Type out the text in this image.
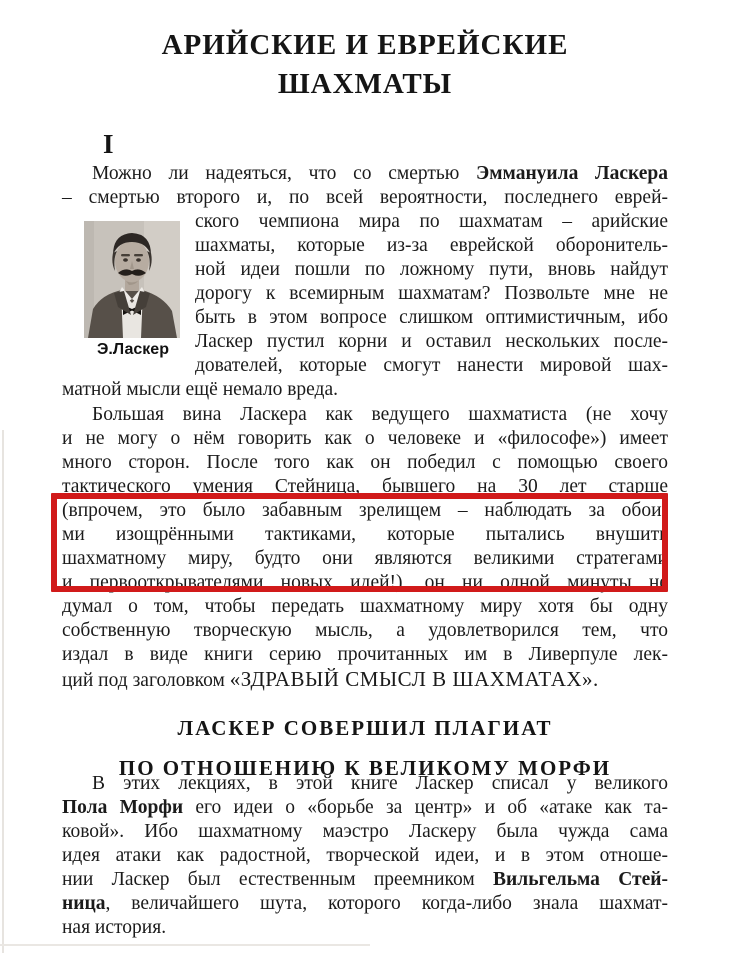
АРИЙСКИЕ И ЕВРЕЙСКИЕ
ШАХМАТЫ
I
Можно ли надеяться, что со смертью Эммануила Ласкера
– смертью второго и, по всей вероятности, последнего еврей-
ского чемпиона мира по шахматам – арийские
шахматы, которые из-за еврейской оборонитель-
ной идеи пошли по ложному пути, вновь найдут
дорогу к всемирным шахматам? Позвольте мне не
быть в этом вопросе слишком оптимистичным, ибо
Ласкер пустил корни и оставил нескольких после-
дователей, которые смогут нанести мировой шах-
матной мысли ещё немало вреда.
Э.Ласкер
Большая вина Ласкера как ведущего шахматиста (не хочу
и не могу о нём говорить как о человеке и «философе») имеет
много сторон. После того как он победил с помощью своего
тактического умения Стейница, бывшего на 30 лет старше
(впрочем, это было забавным зрелищем – наблюдать за обои-
ми изощрёнными тактиками, которые пытались внушить
шахматному миру, будто они являются великими стратегами
и первооткрывателями новых идей!), он ни одной минуты не
думал о том, чтобы передать шахматному миру хотя бы одну
собственную творческую мысль, а удовлетворился тем, что
издал в виде книги серию прочитанных им в Ливерпуле лек-
ций под заголовком «ЗДРАВЫЙ СМЫСЛ В ШАХМАТАХ».
ЛАСКЕР СОВЕРШИЛ ПЛАГИАТ
ПО ОТНОШЕНИЮ К ВЕЛИКОМУ МОРФИ
В этих лекциях, в этой книге Ласкер списал у великого
Пола Морфи его идеи о «борьбе за центр» и об «атаке как та-
ковой». Ибо шахматному маэстро Ласкеру была чужда сама
идея атаки как радостной, творческой идеи, и в этом отноше-
нии Ласкер был естественным преемником Вильгельма Стей-
ница, величайшего шута, которого когда-либо знала шахмат-
ная история.
